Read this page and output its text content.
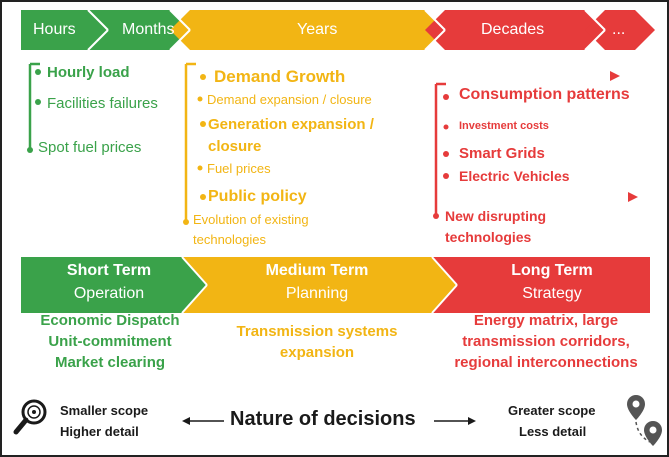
Hours	Months	Years	Decades	...
Hourly load
Facilities failures
Spot fuel prices
Demand Growth
Demand expansion / closure
Generation expansion /
closure
Fuel prices
Public policy
Evolution of existing
technologies
Consumption patterns
Investment costs
Smart Grids
Electric Vehicles
New disrupting
technologies
Short Term
Operation
Medium Term
Planning
Long Term
Strategy
Economic Dispatch
Unit-commitment
Market clearing
Transmission systems
expansion
Energy matrix, large
transmission corridors,
regional interconnections
Smaller scope
Higher detail
Nature of decisions	Greater scope
Less detail
